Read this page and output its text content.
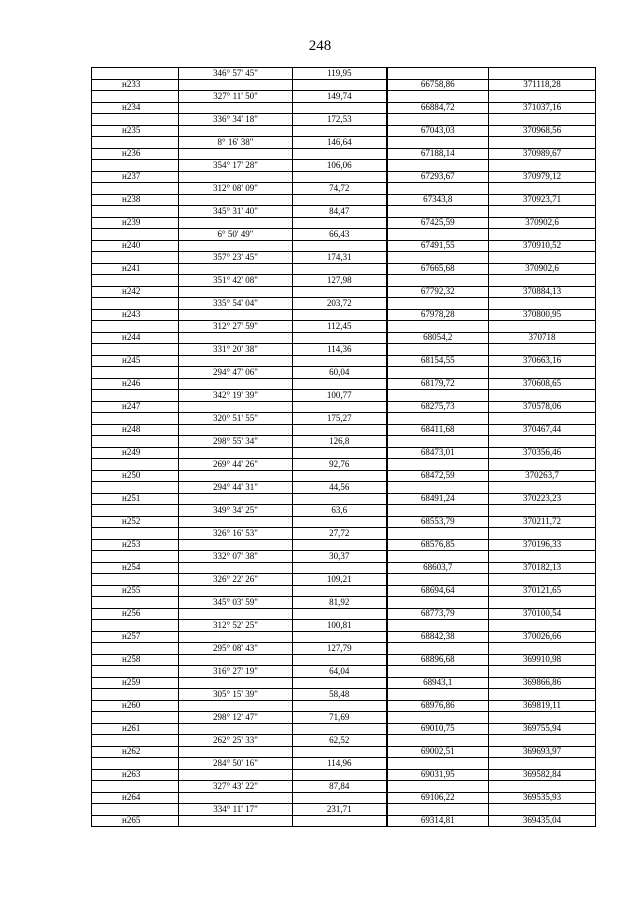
248
	346° 57' 45"	119,95		
н233			66758,86	371118,28
	327° 11' 50"	149,74		
н234			66884,72	371037,16
	336° 34' 18"	172,53		
н235			67043,03	370968,56
	8° 16' 38"	146,64		
н236			67188,14	370989,67
	354° 17' 28"	106,06		
н237			67293,67	370979,12
	312° 08' 09"	74,72		
н238			67343,8	370923,71
	345° 31' 40"	84,47		
н239			67425,59	370902,6
	6° 50' 49"	66,43		
н240			67491,55	370910,52
	357° 23' 45"	174,31		
н241			67665,68	370902,6
	351° 42' 08"	127,98		
н242			67792,32	370884,13
	335° 54' 04"	203,72		
н243			67978,28	370800,95
	312° 27' 59"	112,45		
н244			68054,2	370718
	331° 20' 38"	114,36		
н245			68154,55	370663,16
	294° 47' 06"	60,04		
н246			68179,72	370608,65
	342° 19' 39"	100,77		
н247			68275,73	370578,06
	320° 51' 55"	175,27		
н248			68411,68	370467,44
	298° 55' 34"	126,8		
н249			68473,01	370356,46
	269° 44' 26"	92,76		
н250			68472,59	370263,7
	294° 44' 31"	44,56		
н251			68491,24	370223,23
	349° 34' 25"	63,6		
н252			68553,79	370211,72
	326° 16' 53"	27,72		
н253			68576,85	370196,33
	332° 07' 38"	30,37		
н254			68603,7	370182,13
	326° 22' 26"	109,21		
н255			68694,64	370121,65
	345° 03' 59"	81,92		
н256			68773,79	370100,54
	312° 52' 25"	100,81		
н257			68842,38	370026,66
	295° 08' 43"	127,79		
н258			68896,68	369910,98
	316° 27' 19"	64,04		
н259			68943,1	369866,86
	305° 15' 39"	58,48		
н260			68976,86	369819,11
	298° 12' 47"	71,69		
н261			69010,75	369755,94
	262° 25' 33"	62,52		
н262			69002,51	369693,97
	284° 50' 16"	114,96		
н263			69031,95	369582,84
	327° 43' 22"	87,84		
н264			69106,22	369535,93
	334° 11' 17"	231,71		
н265			69314,81	369435,04
